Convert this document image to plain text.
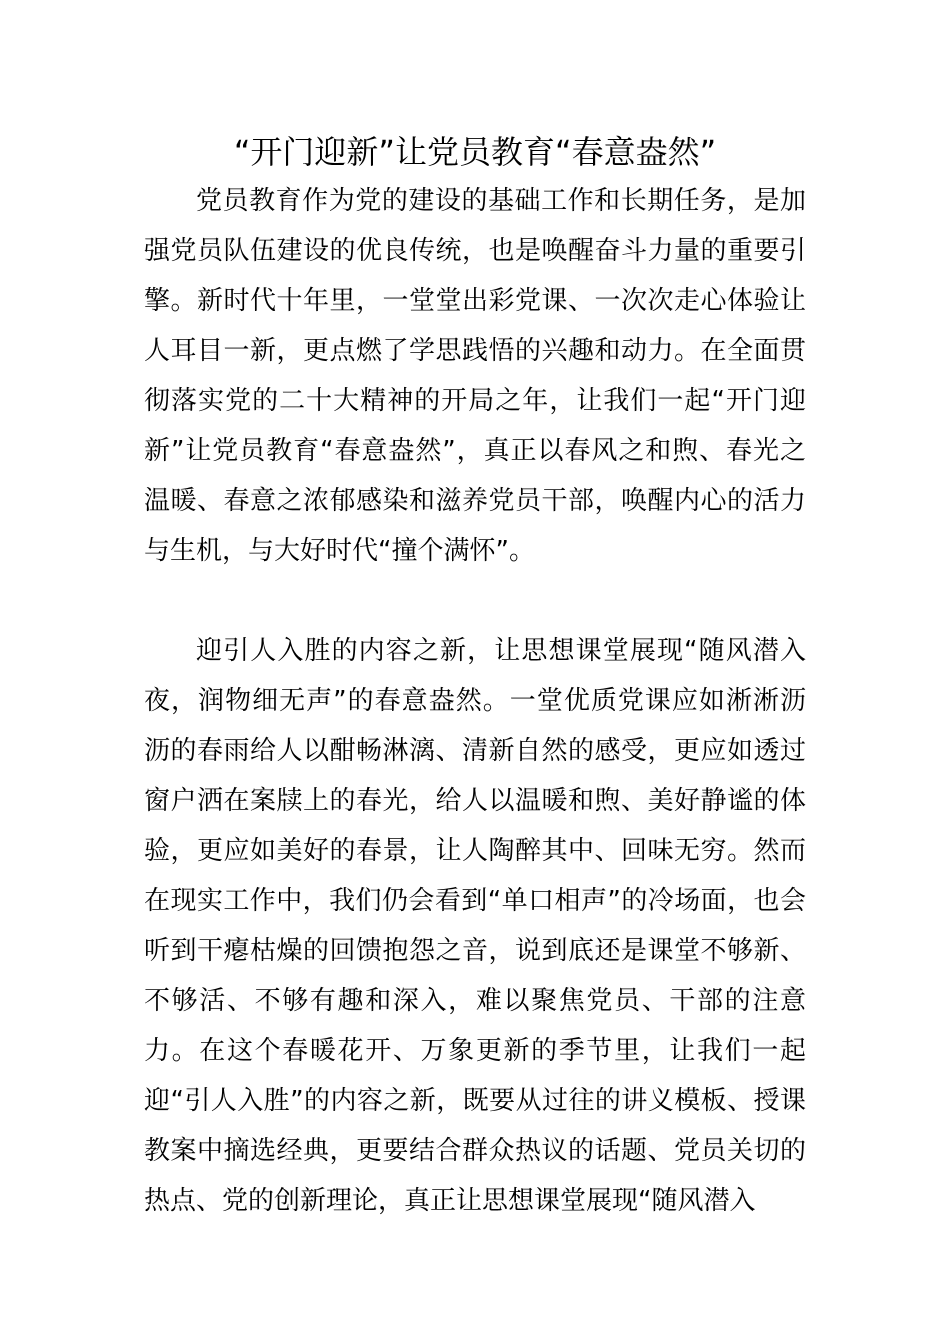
“开门迎新”让党员教育“春意盎然”

党员教育作为党的建设的基础工作和长期任务，是加强党员队伍建设的优良传统，也是唤醒奋斗力量的重要引擎。新时代十年里，一堂堂出彩党课、一次次走心体验让人耳目一新，更点燃了学思践悟的兴趣和动力。在全面贯彻落实党的二十大精神的开局之年，让我们一起“开门迎新”让党员教育“春意盎然”，真正以春风之和煦、春光之温暖、春意之浓郁感染和滋养党员干部，唤醒内心的活力与生机，与大好时代“撞个满怀”。

迎引人入胜的内容之新，让思想课堂展现“随风潜入夜，润物细无声”的春意盎然。一堂优质党课应如淅淅沥沥的春雨给人以酣畅淋漓、清新自然的感受，更应如透过窗户洒在案牍上的春光，给人以温暖和煦、美好静谧的体验，更应如美好的春景，让人陶醉其中、回味无穷。然而在现实工作中，我们仍会看到“单口相声”的冷场面，也会听到干瘪枯燥的回馈抱怨之音，说到底还是课堂不够新、不够活、不够有趣和深入，难以聚焦党员、干部的注意力。在这个春暖花开、万象更新的季节里，让我们一起迎“引人入胜”的内容之新，既要从过往的讲义模板、授课教案中摘选经典，更要结合群众热议的话题、党员关切的热点、党的创新理论，真正让思想课堂展现“随风潜入
